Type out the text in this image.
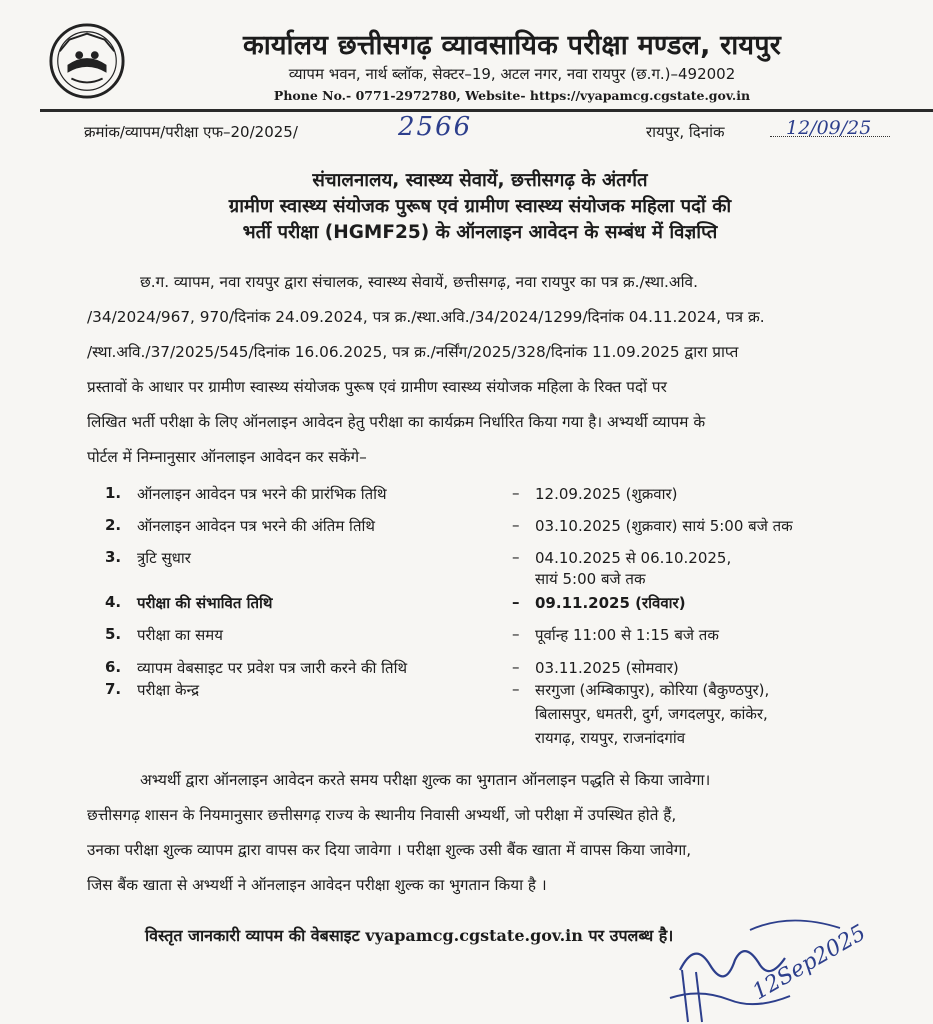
कार्यालय छत्तीसगढ़ व्यावसायिक परीक्षा मण्डल, रायपुर
व्यापम भवन, नार्थ ब्लॉक, सेक्टर–19, अटल नगर, नवा रायपुर (छ.ग.)–492002
Phone No.- 0771-2972780, Website- https://vyapamcg.cgstate.gov.in
क्रमांक/व्यापम/परीक्षा एफ–20/2025/	2566	रायपुर, दिनांक	12/09/25
संचालनालय, स्वास्थ्य सेवायें, छत्तीसगढ़ के अंतर्गत
ग्रामीण स्वास्थ्य संयोजक पुरूष एवं ग्रामीण स्वास्थ्य संयोजक महिला पदों की
भर्ती परीक्षा (HGMF25) के ऑनलाइन आवेदन के सम्बंध में विज्ञप्ति
छ.ग. व्यापम, नवा रायपुर द्वारा संचालक, स्वास्थ्य सेवायें, छत्तीसगढ़, नवा रायपुर का पत्र क्र./स्था.अवि.
/34/2024/967, 970/दिनांक 24.09.2024, पत्र क्र./स्था.अवि./34/2024/1299/दिनांक 04.11.2024, पत्र क्र.
/स्था.अवि./37/2025/545/दिनांक 16.06.2025, पत्र क्र./नर्सिंग/2025/328/दिनांक 11.09.2025 द्वारा प्राप्त
प्रस्तावों के आधार पर ग्रामीण स्वास्थ्य संयोजक पुरूष एवं ग्रामीण स्वास्थ्य संयोजक महिला के रिक्त पदों पर
लिखित भर्ती परीक्षा के लिए ऑनलाइन आवेदन हेतु परीक्षा का कार्यक्रम निर्धारित किया गया है। अभ्यर्थी व्यापम के
पोर्टल में निम्नानुसार ऑनलाइन आवेदन कर सकेंगे–
1. ऑनलाइन आवेदन पत्र भरने की प्रारंभिक तिथि	– 12.09.2025 (शुक्रवार)
2. ऑनलाइन आवेदन पत्र भरने की अंतिम तिथि	– 03.10.2025 (शुक्रवार) सायं 5:00 बजे तक
3. त्रुटि सुधार	– 04.10.2025 से 06.10.2025,
सायं 5:00 बजे तक
4. परीक्षा की संभावित तिथि	– 09.11.2025 (रविवार)
5. परीक्षा का समय	– पूर्वान्ह 11:00 से 1:15 बजे तक
6. व्यापम वेबसाइट पर प्रवेश पत्र जारी करने की तिथि	– 03.11.2025 (सोमवार)
7. परीक्षा केन्द्र	– सरगुजा (अम्बिकापुर), कोरिया (बैकुण्ठपुर),
बिलासपुर, धमतरी, दुर्ग, जगदलपुर, कांकेर,
रायगढ़, रायपुर, राजनांदगांव
अभ्यर्थी द्वारा ऑनलाइन आवेदन करते समय परीक्षा शुल्क का भुगतान ऑनलाइन पद्धति से किया जावेगा।
छत्तीसगढ़ शासन के नियमानुसार छत्तीसगढ़ राज्य के स्थानीय निवासी अभ्यर्थी, जो परीक्षा में उपस्थित होते हैं,
उनका परीक्षा शुल्क व्यापम द्वारा वापस कर दिया जावेगा । परीक्षा शुल्क उसी बैंक खाता में वापस किया जावेगा,
जिस बैंक खाता से अभ्यर्थी ने ऑनलाइन आवेदन परीक्षा शुल्क का भुगतान किया है ।
विस्तृत जानकारी व्यापम की वेबसाइट vyapamcg.cgstate.gov.in पर उपलब्ध है।	12Sep2025
